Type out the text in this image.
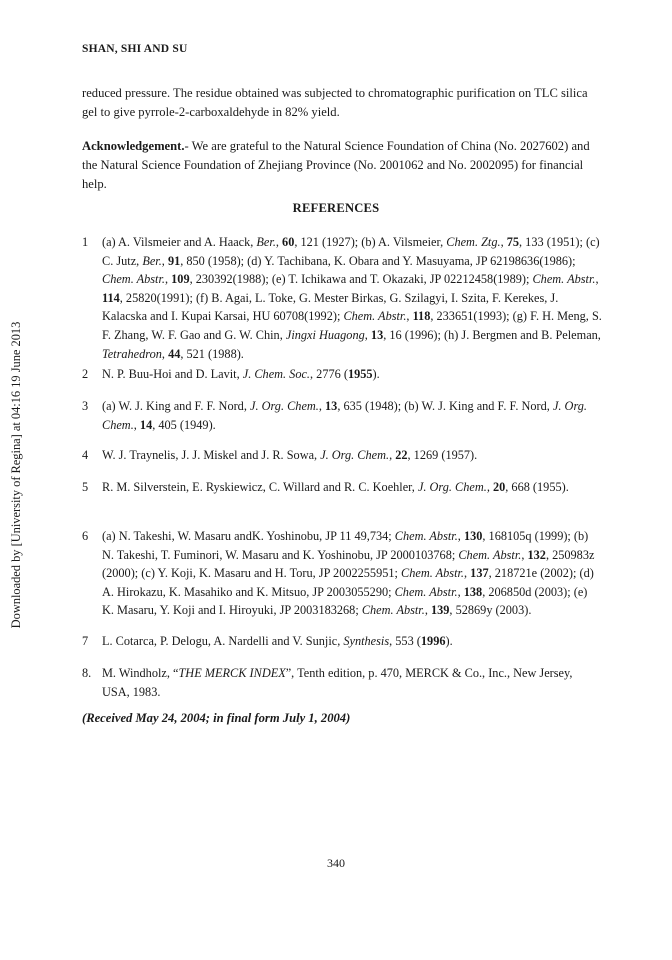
SHAN, SHI AND SU

reduced pressure. The residue obtained was subjected to chromatographic purification on TLC silica gel to give pyrrole-2-carboxaldehyde in 82% yield.

Acknowledgement.- We are grateful to the Natural Science Foundation of China (No. 2027602) and the Natural Science Foundation of Zhejiang Province (No. 2001062 and No. 2002095) for financial help.

REFERENCES
1 (a) A. Vilsmeier and A. Haack, Ber., 60, 121 (1927); (b) A. Vilsmeier, Chem. Ztg., 75, 133 (1951); (c) C. Jutz, Ber., 91, 850 (1958); (d) Y. Tachibana, K. Obara and Y. Masuyama, JP 62198636(1986); Chem. Abstr., 109, 230392(1988); (e) T. Ichikawa and T. Okazaki, JP 02212458(1989); Chem. Abstr., 114, 25820(1991); (f) B. Agai, L. Toke, G. Mester Birkas, G. Szilagyi, I. Szita, F. Kerekes, J. Kalacska and I. Kupai Karsai, HU 60708(1992); Chem. Abstr., 118, 233651(1993); (g) F. H. Meng, S. F. Zhang, W. F. Gao and G. W. Chin, Jingxi Huagong, 13, 16 (1996); (h) J. Bergmen and B. Peleman, Tetrahedron, 44, 521 (1988).
2 N. P. Buu-Hoi and D. Lavit, J. Chem. Soc., 2776 (1955).
3 (a) W. J. King and F. F. Nord, J. Org. Chem., 13, 635 (1948); (b) W. J. King and F. F. Nord, J. Org. Chem., 14, 405 (1949).
4 W. J. Traynelis, J. J. Miskel and J. R. Sowa, J. Org. Chem., 22, 1269 (1957).
5 R. M. Silverstein, E. Ryskiewicz, C. Willard and R. C. Koehler, J. Org. Chem., 20, 668 (1955).
6 (a) N. Takeshi, W. Masaru andK. Yoshinobu, JP 11 49,734; Chem. Abstr., 130, 168105q (1999); (b) N. Takeshi, T. Fuminori, W. Masaru and K. Yoshinobu, JP 2000103768; Chem. Abstr., 132, 250983z (2000); (c) Y. Koji, K. Masaru and H. Toru, JP 2002255951; Chem. Abstr., 137, 218721e (2002); (d) A. Hirokazu, K. Masahiko and K. Mitsuo, JP 2003055290; Chem. Abstr., 138, 206850d (2003); (e) K. Masaru, Y. Koji and I. Hiroyuki, JP 2003183268; Chem. Abstr., 139, 52869y (2003).
7 L. Cotarca, P. Delogu, A. Nardelli and V. Sunjic, Synthesis, 553 (1996).
8. M. Windholz, “THE MERCK INDEX”, Tenth edition, p. 470, MERCK & Co., Inc., New Jersey, USA, 1983.
(Received May 24, 2004; in final form July 1, 2004)
340
Downloaded by [University of Regina] at 04:16 19 June 2013
